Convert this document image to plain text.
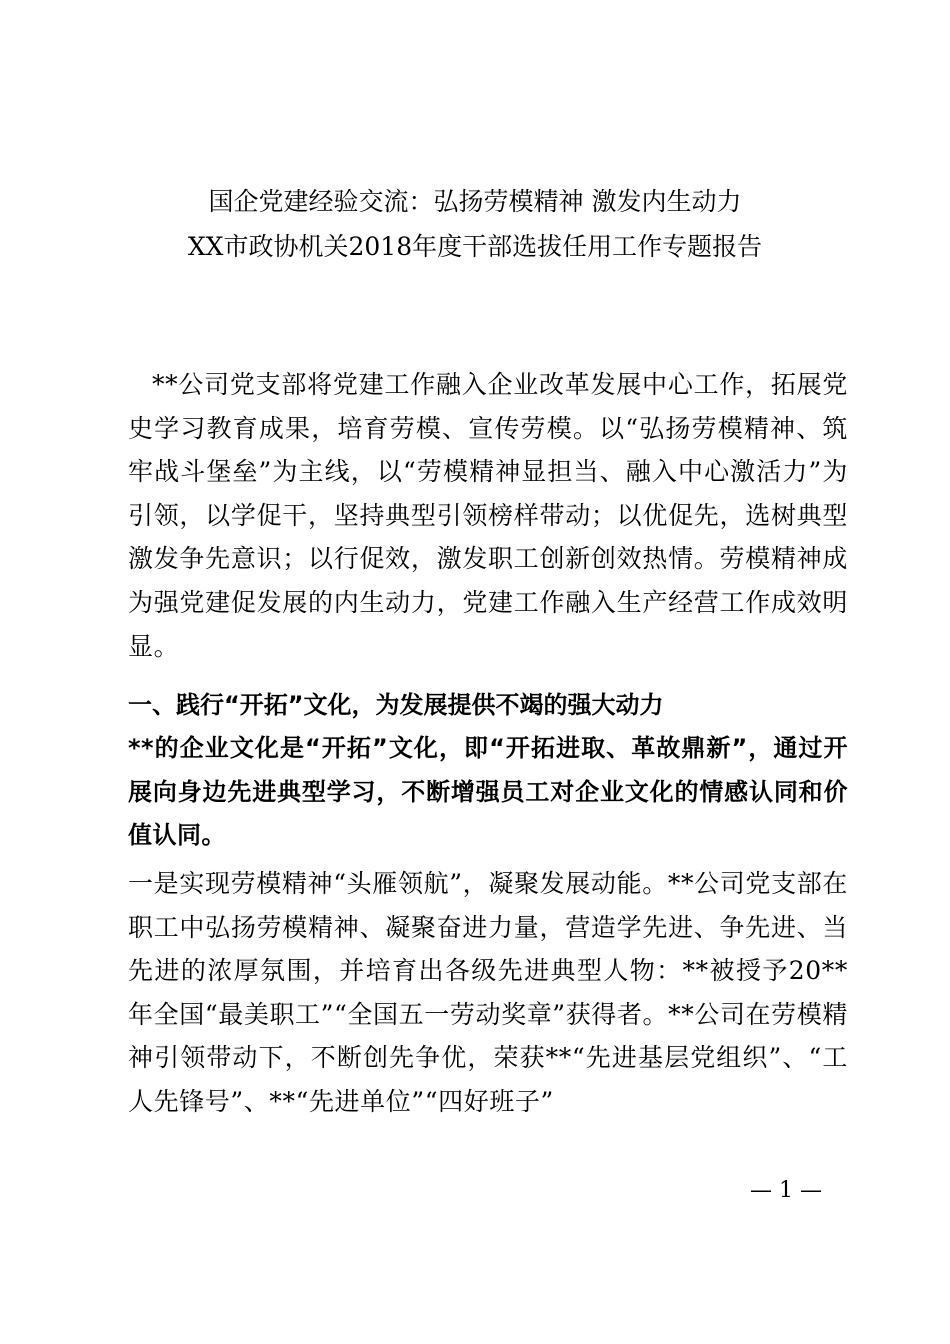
国企党建经验交流：弘扬劳模精神 激发内生动力
XX市政协机关2018年度干部选拔任用工作专题报告

**公司党支部将党建工作融入企业改革发展中心工作，拓展党史学习教育成果，培育劳模、宣传劳模。以“弘扬劳模精神、筑牢战斗堡垒”为主线，以“劳模精神显担当、融入中心激活力”为引领，以学促干，坚持典型引领榜样带动；以优促先，选树典型激发争先意识；以行促效，激发职工创新创效热情。劳模精神成为强党建促发展的内生动力，党建工作融入生产经营工作成效明显。

一、践行“开拓”文化，为发展提供不竭的强大动力

**的企业文化是“开拓”文化，即“开拓进取、革故鼎新”，通过开展向身边先进典型学习，不断增强员工对企业文化的情感认同和价值认同。

一是实现劳模精神“头雁领航”，凝聚发展动能。**公司党支部在职工中弘扬劳模精神、凝聚奋进力量，营造学先进、争先进、当先进的浓厚氛围，并培育出各级先进典型人物：**被授予20**年全国“最美职工”“全国五一劳动奖章”获得者。**公司在劳模精神引领带动下，不断创先争优，荣获**“先进基层党组织”、“工人先锋号”、**“先进单位”“四好班子”

— 1 —
